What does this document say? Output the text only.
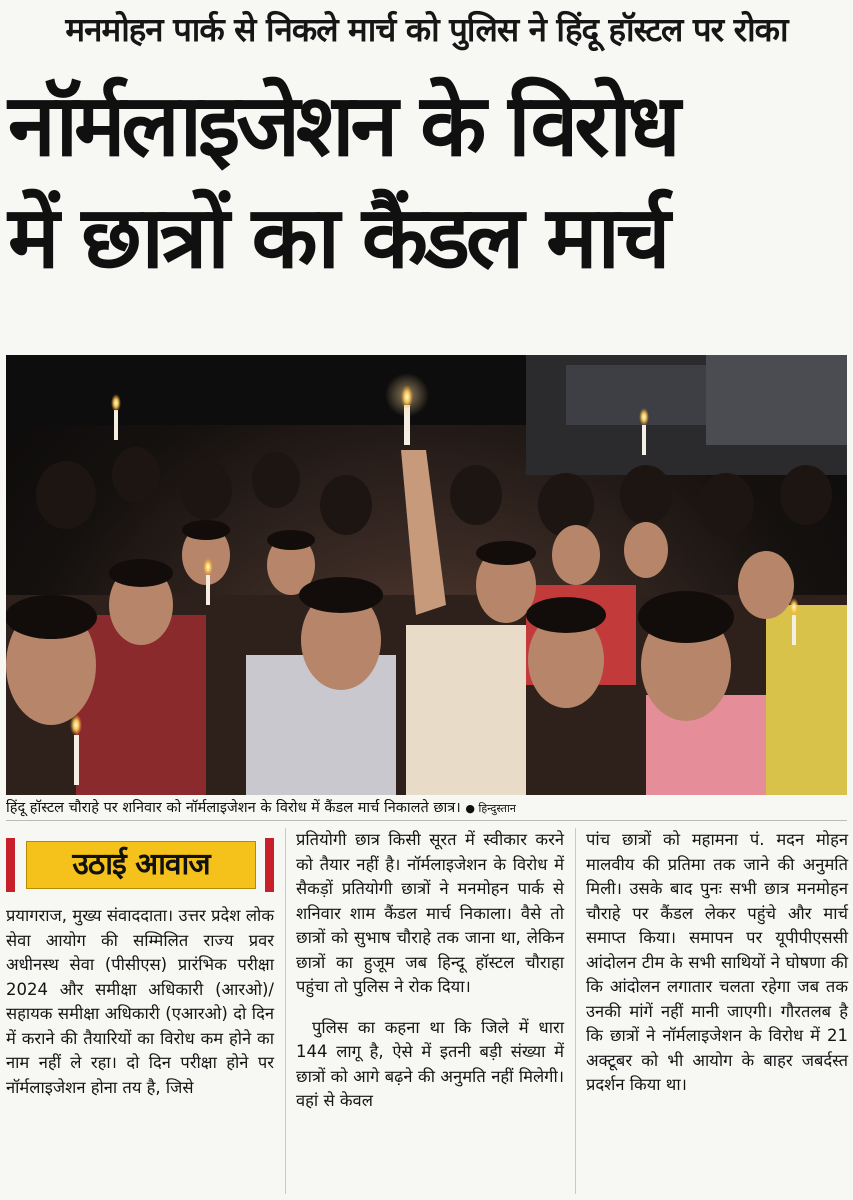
मनमोहन पार्क से निकले मार्च को पुलिस ने हिंदू हॉस्टल पर रोका
नॉर्मलाइजेशन के विरोध
में छात्रों का कैंडल मार्च
हिंदू हॉस्टल चौराहे पर शनिवार को नॉर्मलाइजेशन के विरोध में कैंडल मार्च निकालते छात्र। ● हिन्दुस्तान
उठाई आवाज

प्रयागराज, मुख्य संवाददाता। उत्तर प्रदेश लोक सेवा आयोग की सम्मिलित राज्य प्रवर अधीनस्थ सेवा (पीसीएस) प्रारंभिक परीक्षा 2024 और समीक्षा अधिकारी (आरओ)/ सहायक समीक्षा अधिकारी (एआरओ) दो दिन में कराने की तैयारियों का विरोध कम होने का नाम नहीं ले रहा। दो दिन परीक्षा होने पर नॉर्मलाइजेशन होना तय है, जिसे

प्रतियोगी छात्र किसी सूरत में स्वीकार करने को तैयार नहीं है। नॉर्मलाइजेशन के विरोध में सैकड़ों प्रतियोगी छात्रों ने मनमोहन पार्क से शनिवार शाम कैंडल मार्च निकाला। वैसे तो छात्रों को सुभाष चौराहे तक जाना था, लेकिन छात्रों का हुजूम जब हिन्दू हॉस्टल चौराहा पहुंचा तो पुलिस ने रोक दिया।

पुलिस का कहना था कि जिले में धारा 144 लागू है, ऐसे में इतनी बड़ी संख्या में छात्रों को आगे बढ़ने की अनुमति नहीं मिलेगी। वहां से केवल

पांच छात्रों को महामना पं. मदन मोहन मालवीय की प्रतिमा तक जाने की अनुमति मिली। उसके बाद पुनः सभी छात्र मनमोहन चौराहे पर कैंडल लेकर पहुंचे और मार्च समाप्त किया। समापन पर यूपीपीएससी आंदोलन टीम के सभी साथियों ने घोषणा की कि आंदोलन लगातार चलता रहेगा जब तक उनकी मांगें नहीं मानी जाएगी। गौरतलब है कि छात्रों ने नॉर्मलाइजेशन के विरोध में 21 अक्टूबर को भी आयोग के बाहर जबर्दस्त प्रदर्शन किया था।
